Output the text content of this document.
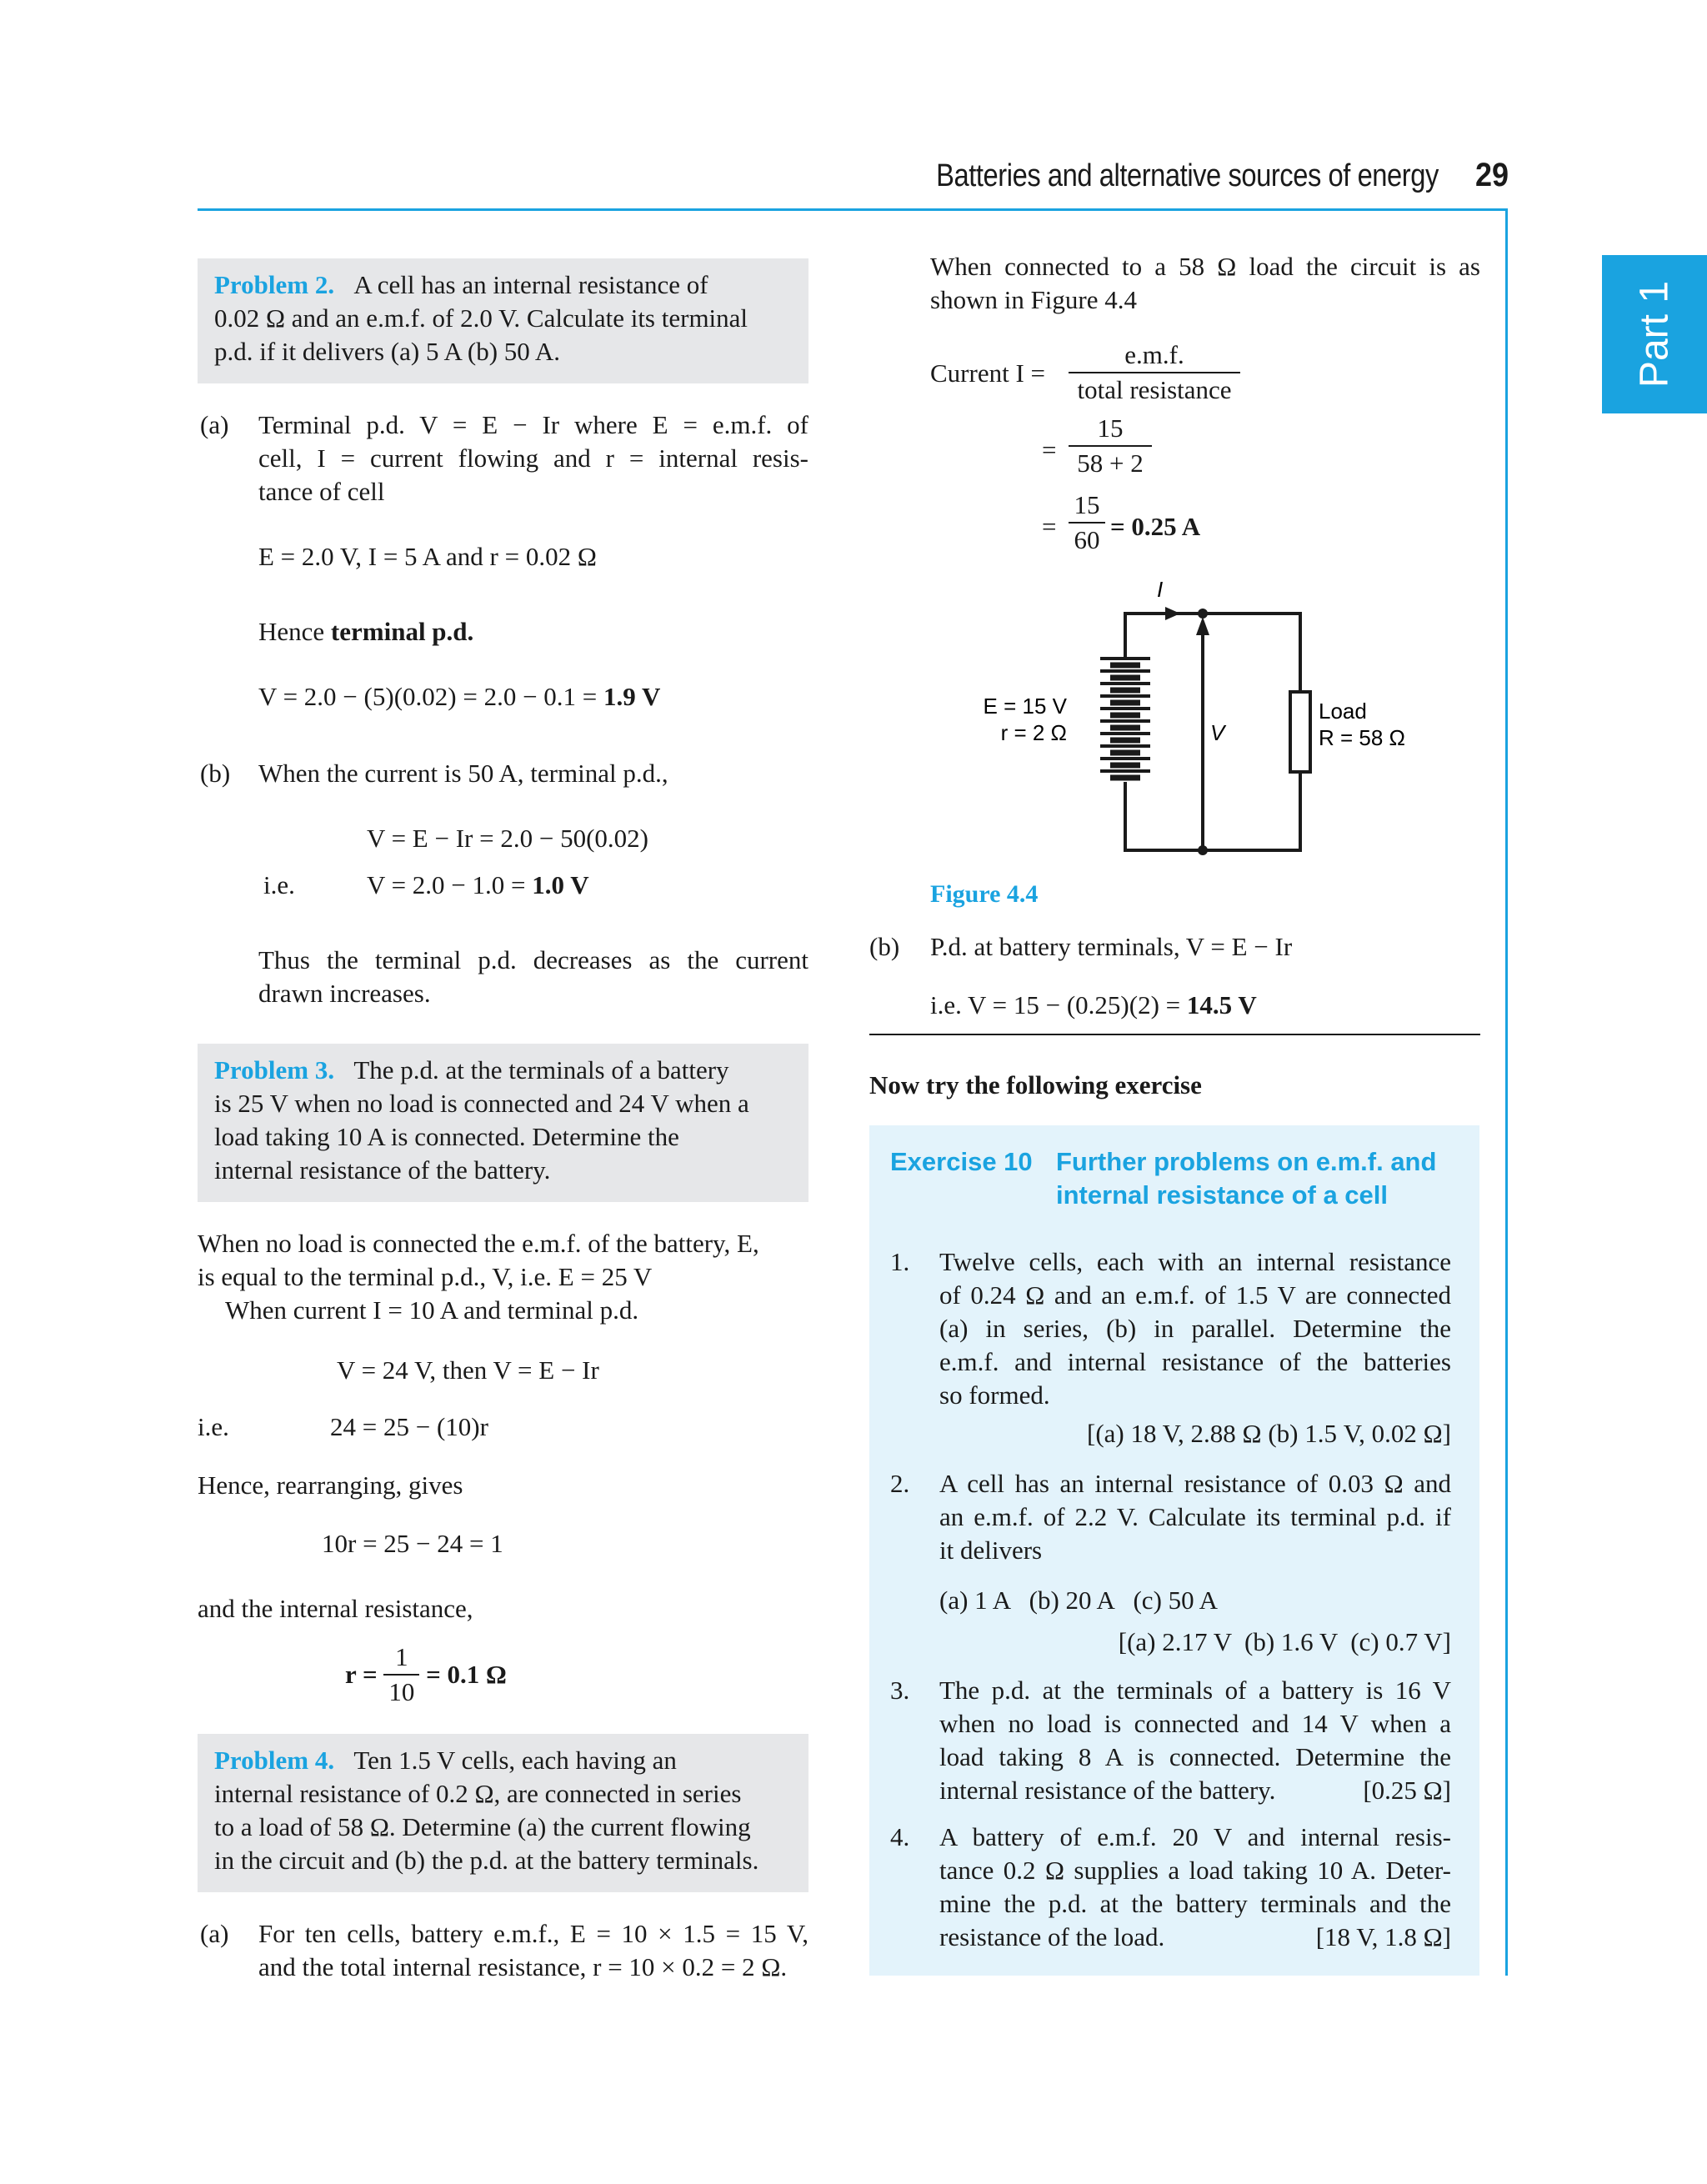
Batteries and alternative sources of energy 29
Part 1
Problem 2. A cell has an internal resistance of
0.02 Ω and an e.m.f. of 2.0 V. Calculate its terminal
p.d. if it delivers (a) 5 A (b) 50 A.
(a) Terminal p.d. V = E − Ir where E = e.m.f. of
cell, I = current flowing and r = internal resis-
tance of cell
E = 2.0 V, I = 5 A and r = 0.02 Ω
Hence terminal p.d.
V = 2.0 − (5)(0.02) = 2.0 − 0.1 = 1.9 V
(b) When the current is 50 A, terminal p.d.,
V = E − Ir = 2.0 − 50(0.02)
i.e.	V = 2.0 − 1.0 = 1.0 V
Thus the terminal p.d. decreases as the current
drawn increases.
Problem 3. The p.d. at the terminals of a battery
is 25 V when no load is connected and 24 V when a
load taking 10 A is connected. Determine the
internal resistance of the battery.
When no load is connected the e.m.f. of the battery, E,
is equal to the terminal p.d., V, i.e. E = 25 V
When current I = 10 A and terminal p.d.
V = 24 V, then V = E − Ir
i.e.	24 = 25 − (10)r
Hence, rearranging, gives
10r = 25 − 24 = 1
and the internal resistance,
$r = \frac{1}{10} = 0.1$ Ω
Problem 4. Ten 1.5 V cells, each having an
internal resistance of 0.2 Ω, are connected in series
to a load of 58 Ω. Determine (a) the current flowing
in the circuit and (b) the p.d. at the battery terminals.
(a) For ten cells, battery e.m.f., E = 10 × 1.5 = 15 V,
and the total internal resistance, r = 10 × 0.2 = 2 Ω.
When connected to a 58 Ω load the circuit is as
shown in Figure 4.4
Current $I = \frac{e.m.f.}{\text{total resistance}}$
= $\frac{15}{58 + 2}$
= $\frac{15}{60} = 0.25$ A
I
E = 15 V
r = 2 Ω	V
Load
R = 58 Ω
Figure 4.4
(b) P.d. at battery terminals, V = E − Ir
i.e. V = 15 − (0.25)(2) = 14.5 V
Now try the following exercise
Exercise 10 Further problems on e.m.f. and
internal resistance of a cell
1. Twelve cells, each with an internal resistance
of 0.24 Ω and an e.m.f. of 1.5 V are connected
(a) in series, (b) in parallel. Determine the
e.m.f. and internal resistance of the batteries
so formed.
[(a) 18 V, 2.88 Ω (b) 1.5 V, 0.02 Ω]
2. A cell has an internal resistance of 0.03 Ω and
an e.m.f. of 2.2 V. Calculate its terminal p.d. if
it delivers
(a) 1 A   (b) 20 A   (c) 50 A
[(a) 2.17 V  (b) 1.6 V  (c) 0.7 V]
3. The p.d. at the terminals of a battery is 16 V
when no load is connected and 14 V when a
load taking 8 A is connected. Determine the
internal resistance of the battery.	[0.25 Ω]
4. A battery of e.m.f. 20 V and internal resis-
tance 0.2 Ω supplies a load taking 10 A. Deter-
mine the p.d. at the battery terminals and the
resistance of the load.	[18 V, 1.8 Ω]
